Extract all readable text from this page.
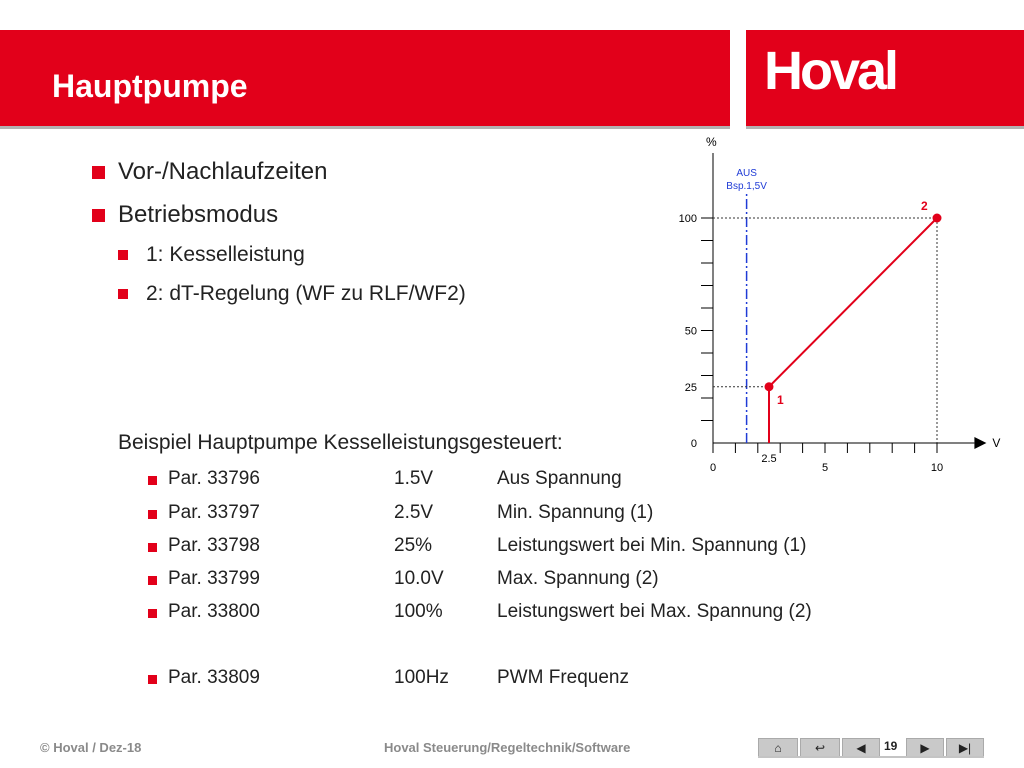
Hauptpumpe	Hoval
Vor-/Nachlaufzeiten
Betriebsmodus
1: Kesselleistung
2: dT-Regelung (WF zu RLF/WF2)
Beispiel Hauptpumpe Kesselleistungsgesteuert:
Par. 33796	1.5V	Aus Spannung
Par. 33797	2.5V	Min. Spannung (1)
Par. 33798	25%	Leistungswert bei Min. Spannung (1)
Par. 33799	10.0V	Max. Spannung (2)
Par. 33800	100%	Leistungswert bei Max. Spannung (2)
Par. 33809	100Hz	PWM Frequenz
%
V
0
25
50
100
0	5	10
2.5
AUS
Bsp.1,5V
1
2
© Hoval / Dez-18	Hoval Steuerung/Regeltechnik/Software	⌂	↩	◀ 19 ▶ ▶|
